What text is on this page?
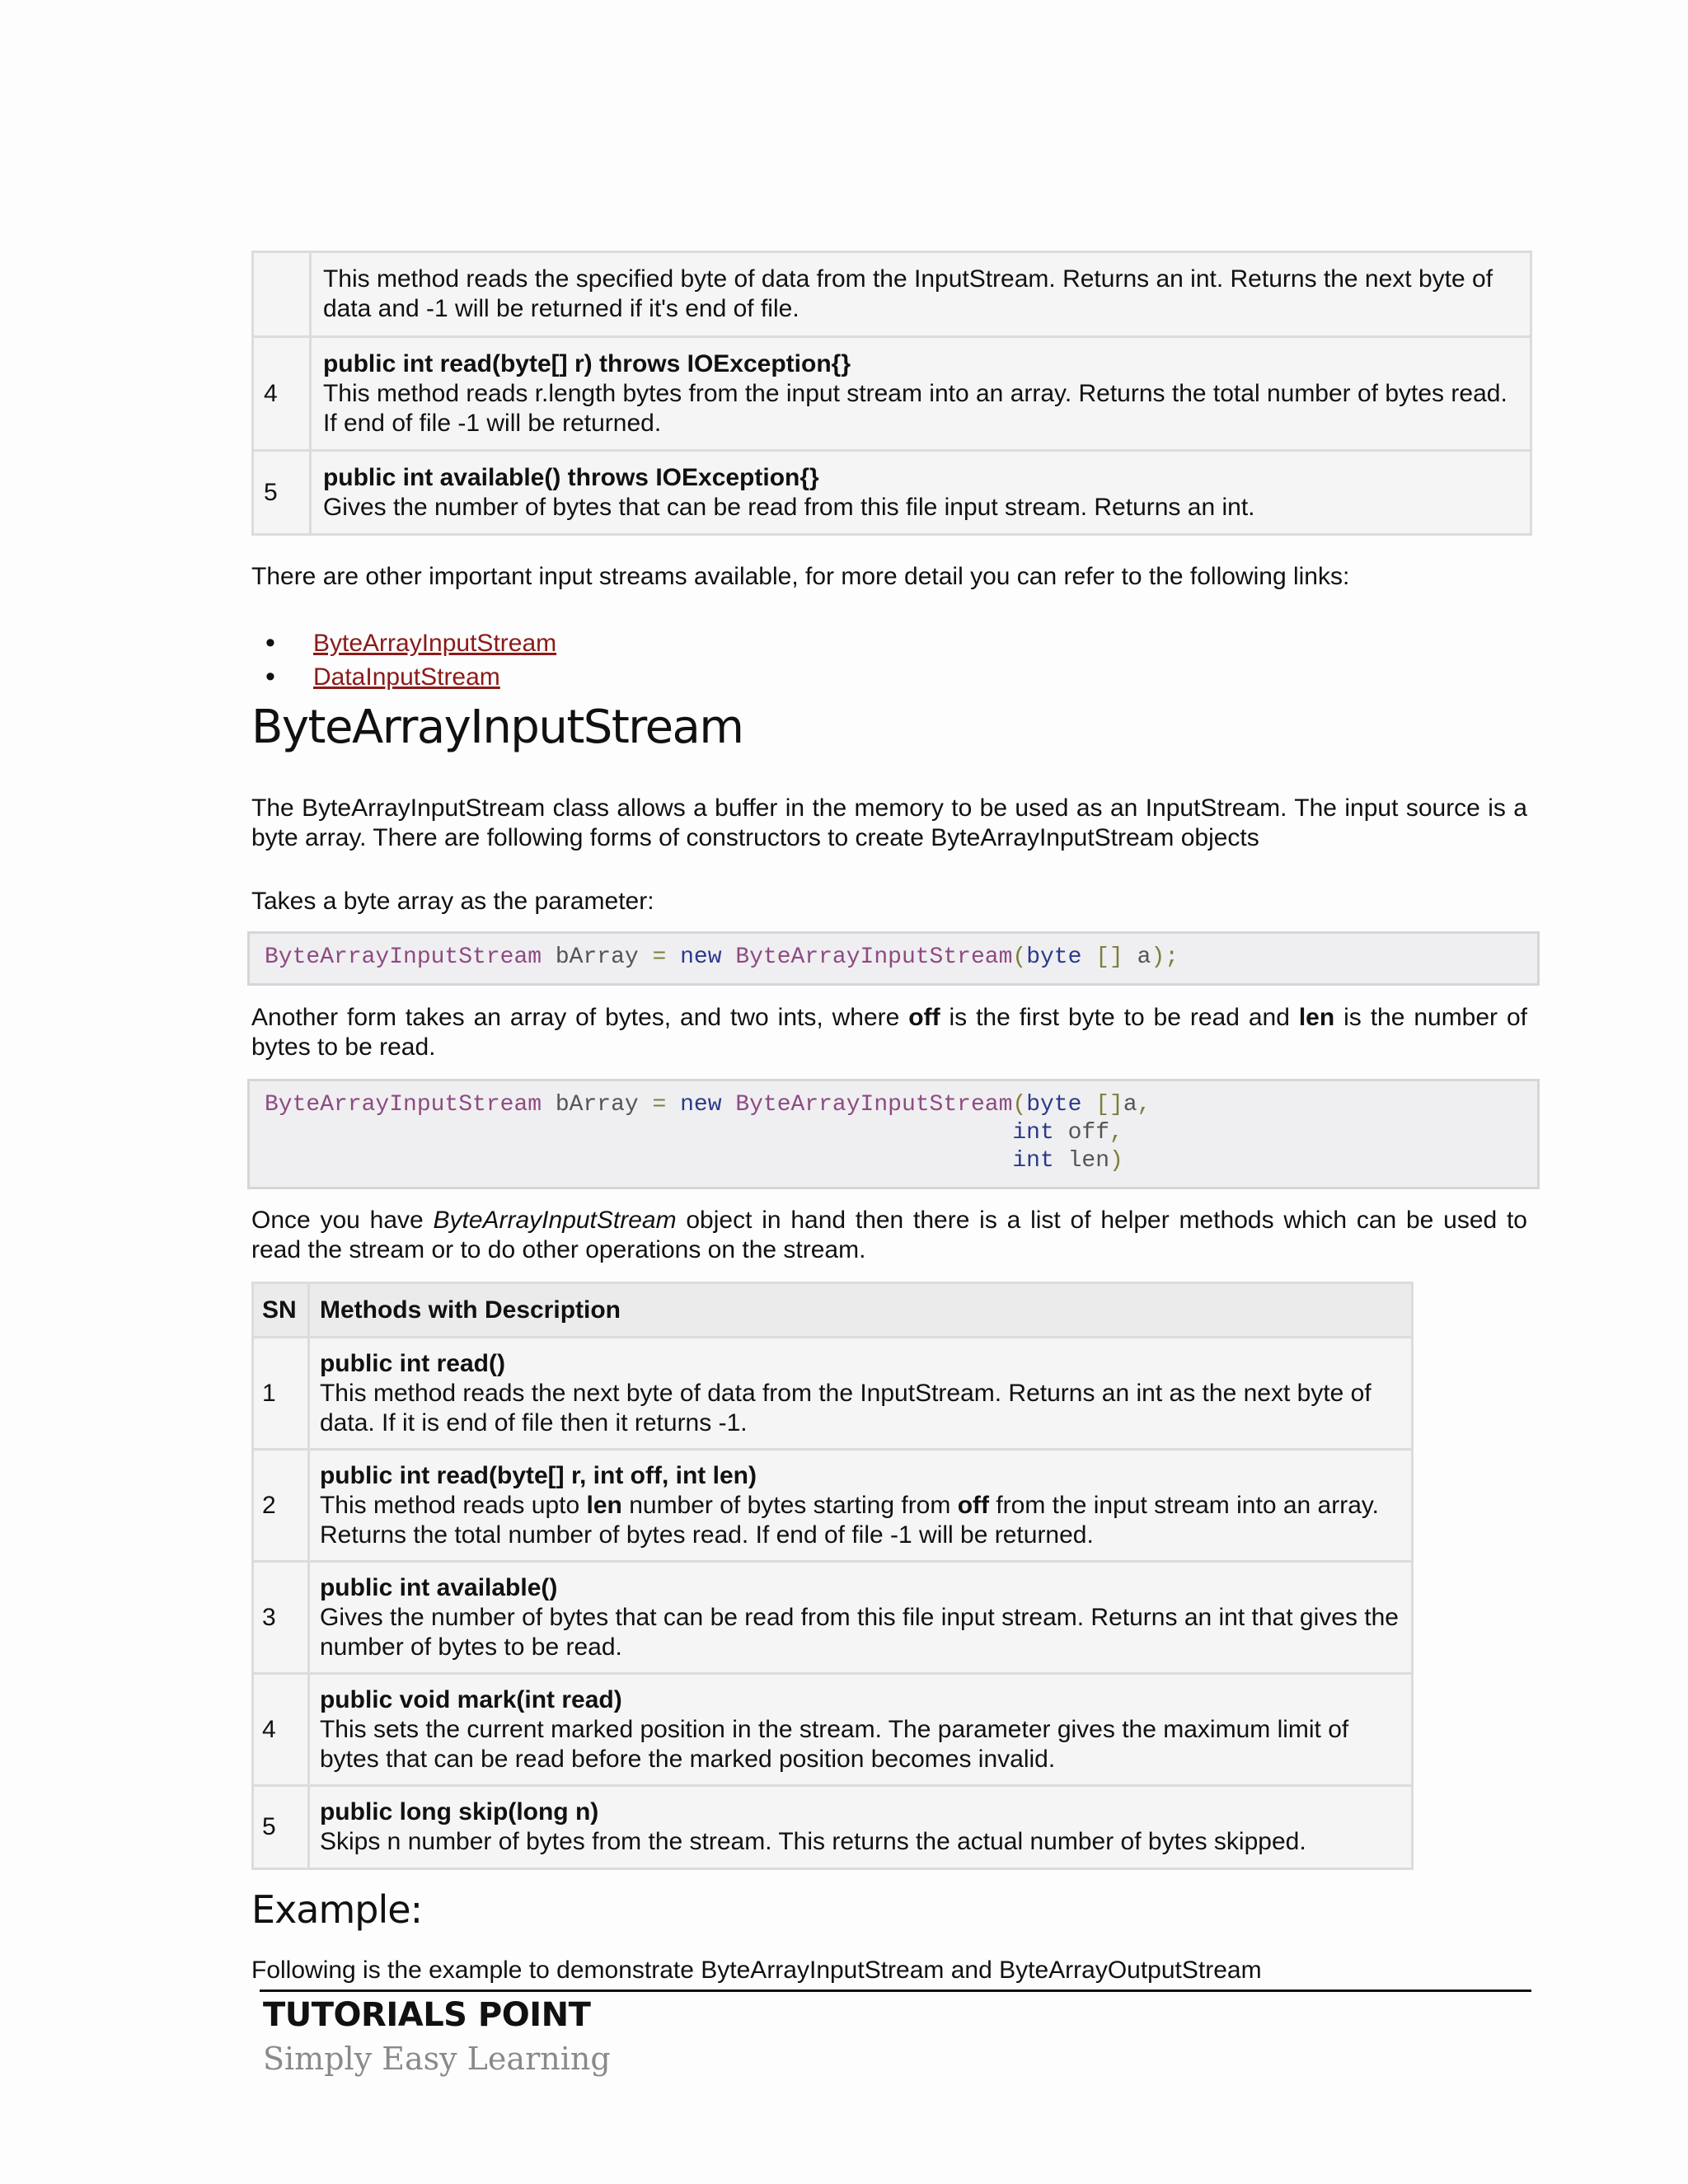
	This method reads the specified byte of data from the InputStream. Returns an int. Returns the next byte of data and -1 will be returned if it's end of file.
4	public int read(byte[] r) throws IOException{}
This method reads r.length bytes from the input stream into an array. Returns the total number of bytes read. If end of file -1 will be returned.
5	public int available() throws IOException{}
Gives the number of bytes that can be read from this file input stream. Returns an int.
There are other important input streams available, for more detail you can refer to the following links:
• ByteArrayInputStream
• DataInputStream
ByteArrayInputStream
The ByteArrayInputStream class allows a buffer in the memory to be used as an InputStream. The input source is a byte array. There are following forms of constructors to create ByteArrayInputStream objects
Takes a byte array as the parameter:
ByteArrayInputStream bArray = new ByteArrayInputStream(byte [] a);
Another form takes an array of bytes, and two ints, where off is the first byte to be read and len is the number of bytes to be read.
ByteArrayInputStream bArray = new ByteArrayInputStream(byte []a,
int off,
int len)
Once you have ByteArrayInputStream object in hand then there is a list of helper methods which can be used to read the stream or to do other operations on the stream.
SN	Methods with Description
1	public int read()
This method reads the next byte of data from the InputStream. Returns an int as the next byte of data. If it is end of file then it returns -1.
2	public int read(byte[] r, int off, int len)
This method reads upto len number of bytes starting from off from the input stream into an array. Returns the total number of bytes read. If end of file -1 will be returned.
3	public int available()
Gives the number of bytes that can be read from this file input stream. Returns an int that gives the number of bytes to be read.
4	public void mark(int read)
This sets the current marked position in the stream. The parameter gives the maximum limit of bytes that can be read before the marked position becomes invalid.
5	public long skip(long n)
Skips n number of bytes from the stream. This returns the actual number of bytes skipped.
Example:
Following is the example to demonstrate ByteArrayInputStream and ByteArrayOutputStream
TUTORIALS POINT
Simply Easy Learning
